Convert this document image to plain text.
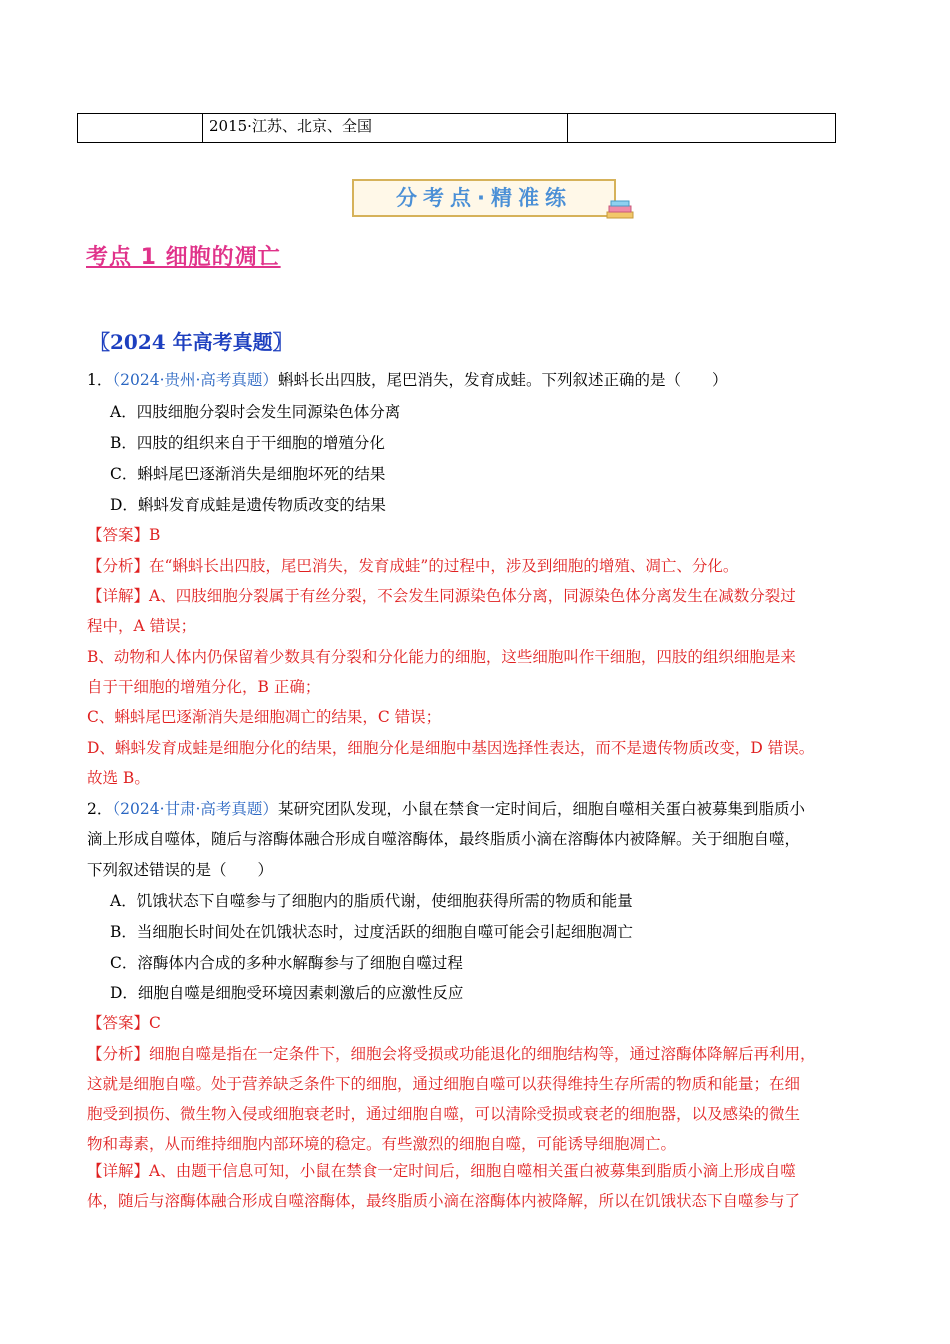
	2015·江苏、北京、全国	
分考点·精准练
考点 1 细胞的凋亡
〖2024 年高考真题〗
1．（2024·贵州·高考真题）蝌蚪长出四肢，尾巴消失，发育成蛙。下列叙述正确的是（　　）
A．四肢细胞分裂时会发生同源染色体分离
B．四肢的组织来自于干细胞的增殖分化
C．蝌蚪尾巴逐渐消失是细胞坏死的结果
D．蝌蚪发育成蛙是遗传物质改变的结果
【答案】B
【分析】在“蝌蚪长出四肢，尾巴消失，发育成蛙”的过程中，涉及到细胞的增殖、凋亡、分化。
【详解】A、四肢细胞分裂属于有丝分裂，不会发生同源染色体分离，同源染色体分离发生在减数分裂过
程中，A 错误；
B、动物和人体内仍保留着少数具有分裂和分化能力的细胞，这些细胞叫作干细胞，四肢的组织细胞是来
自于干细胞的增殖分化，B 正确；
C、蝌蚪尾巴逐渐消失是细胞凋亡的结果，C 错误；
D、蝌蚪发育成蛙是细胞分化的结果，细胞分化是细胞中基因选择性表达，而不是遗传物质改变，D 错误。
故选 B。
2．（2024·甘肃·高考真题）某研究团队发现，小鼠在禁食一定时间后，细胞自噬相关蛋白被募集到脂质小
滴上形成自噬体，随后与溶酶体融合形成自噬溶酶体，最终脂质小滴在溶酶体内被降解。关于细胞自噬，
下列叙述错误的是（　　）
A．饥饿状态下自噬参与了细胞内的脂质代谢，使细胞获得所需的物质和能量
B．当细胞长时间处在饥饿状态时，过度活跃的细胞自噬可能会引起细胞凋亡
C．溶酶体内合成的多种水解酶参与了细胞自噬过程
D．细胞自噬是细胞受环境因素刺激后的应激性反应
【答案】C
【分析】细胞自噬是指在一定条件下，细胞会将受损或功能退化的细胞结构等，通过溶酶体降解后再利用，
这就是细胞自噬。处于营养缺乏条件下的细胞，通过细胞自噬可以获得维持生存所需的物质和能量；在细
胞受到损伤、微生物入侵或细胞衰老时，通过细胞自噬，可以清除受损或衰老的细胞器，以及感染的微生
物和毒素，从而维持细胞内部环境的稳定。有些激烈的细胞自噬，可能诱导细胞凋亡。
【详解】A、由题干信息可知，小鼠在禁食一定时间后，细胞自噬相关蛋白被募集到脂质小滴上形成自噬
体，随后与溶酶体融合形成自噬溶酶体，最终脂质小滴在溶酶体内被降解，所以在饥饿状态下自噬参与了
